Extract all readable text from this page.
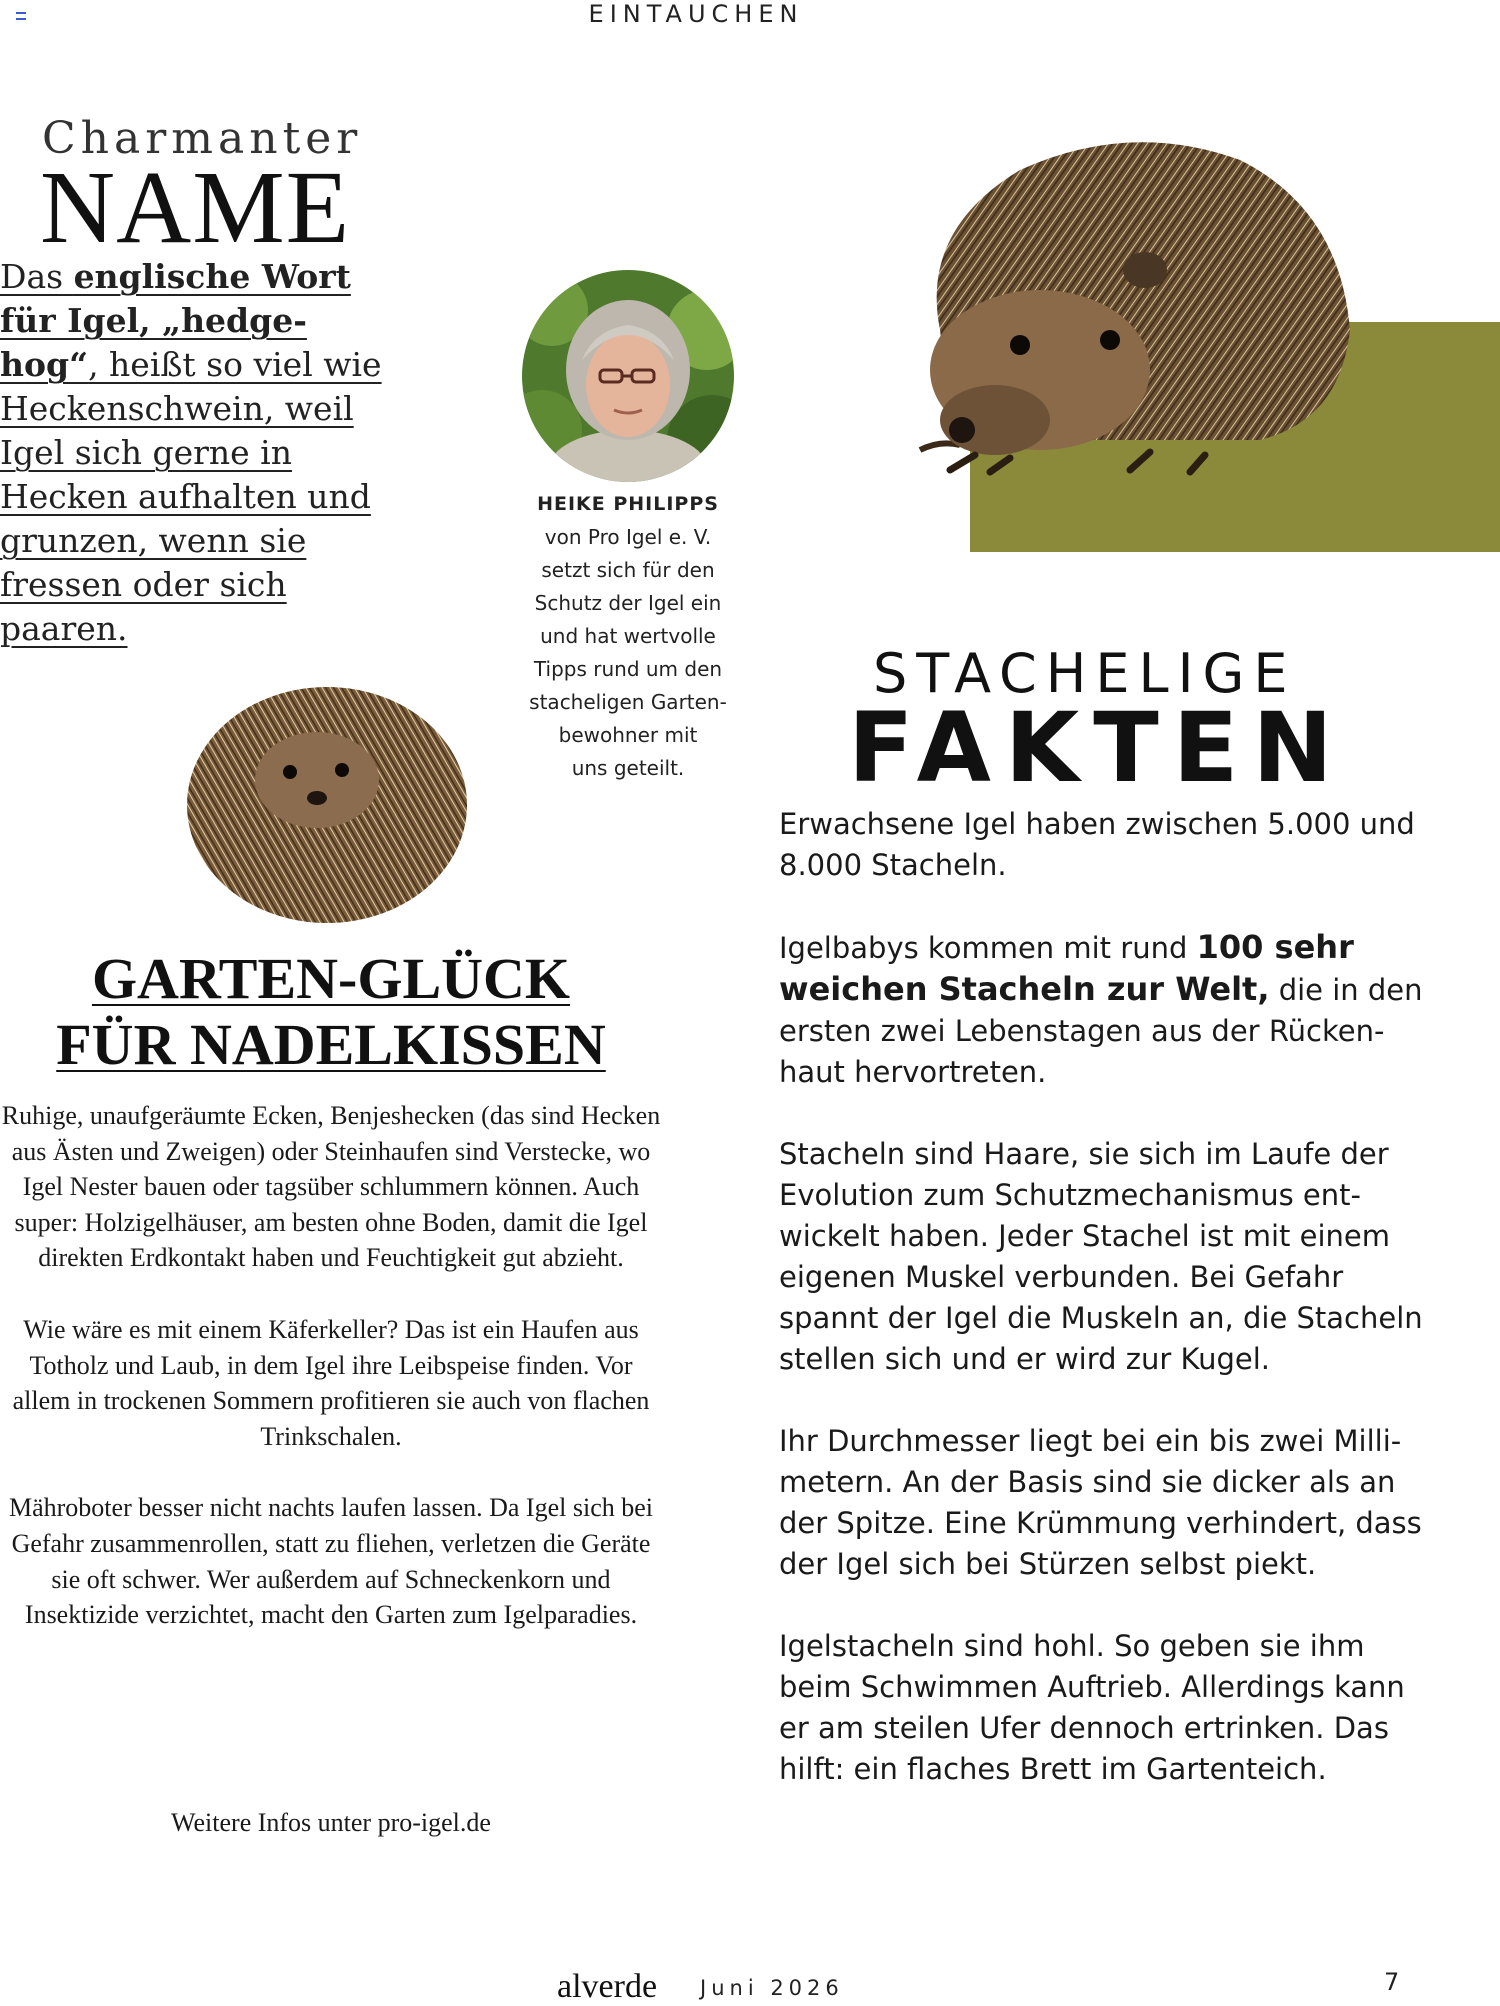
EINTAUCHEN
Charmanter
NAME

Das englische Wort für Igel, „hedge- hog“, heißt so viel wie Heckenschwein, weil Igel sich gerne in Hecken aufhalten und grunzen, wenn sie fressen oder sich paaren.

HEIKE PHILIPPS
von Pro Igel e. V.
setzt sich für den
Schutz der Igel ein
und hat wertvolle
Tipps rund um den
stacheligen Garten-
bewohner mit
uns geteilt.
STACHELIGE
FAKTEN
GARTEN-GLÜCK
FÜR NADELKISSEN

Ruhige, unaufgeräumte Ecken, Benjeshecken (das sind Hecken aus Ästen und Zweigen) oder Steinhaufen sind Verstecke, wo Igel Nester bauen oder tagsüber schlummern können. Auch super: Holzigelhäuser, am besten ohne Boden, damit die Igel direkten Erdkontakt haben und Feuchtigkeit gut abzieht.

Wie wäre es mit einem Käferkeller? Das ist ein Haufen aus Totholz und Laub, in dem Igel ihre Leibspeise finden. Vor allem in trockenen Sommern profitieren sie auch von flachen Trinkschalen.

Mähroboter besser nicht nachts laufen lassen. Da Igel sich bei Gefahr zusammenrollen, statt zu fliehen, verletzen die Geräte sie oft schwer. Wer außerdem auf Schneckenkorn und Insektizide verzichtet, macht den Garten zum Igelparadies.

Weitere Infos unter pro-igel.de

Erwachsene Igel haben zwischen 5.000 und 8.000 Stacheln.

Igelbabys kommen mit rund 100 sehr weichen Stacheln zur Welt, die in den ersten zwei Lebenstagen aus der Rückenhaut hervortreten.

Stacheln sind Haare, sie sich im Laufe der Evolution zum Schutzmechanismus entwickelt haben. Jeder Stachel ist mit einem eigenen Muskel verbunden. Bei Gefahr spannt der Igel die Muskeln an, die Stacheln stellen sich und er wird zur Kugel.

Ihr Durchmesser liegt bei ein bis zwei Millimetern. An der Basis sind sie dicker als an der Spitze. Eine Krümmung verhindert, dass der Igel sich bei Stürzen selbst piekt.

Igelstacheln sind hohl. So geben sie ihm beim Schwimmen Auftrieb. Allerdings kann er am steilen Ufer dennoch ertrinken. Das hilft: ein flaches Brett im Gartenteich.

alverde Juni 2026	7
